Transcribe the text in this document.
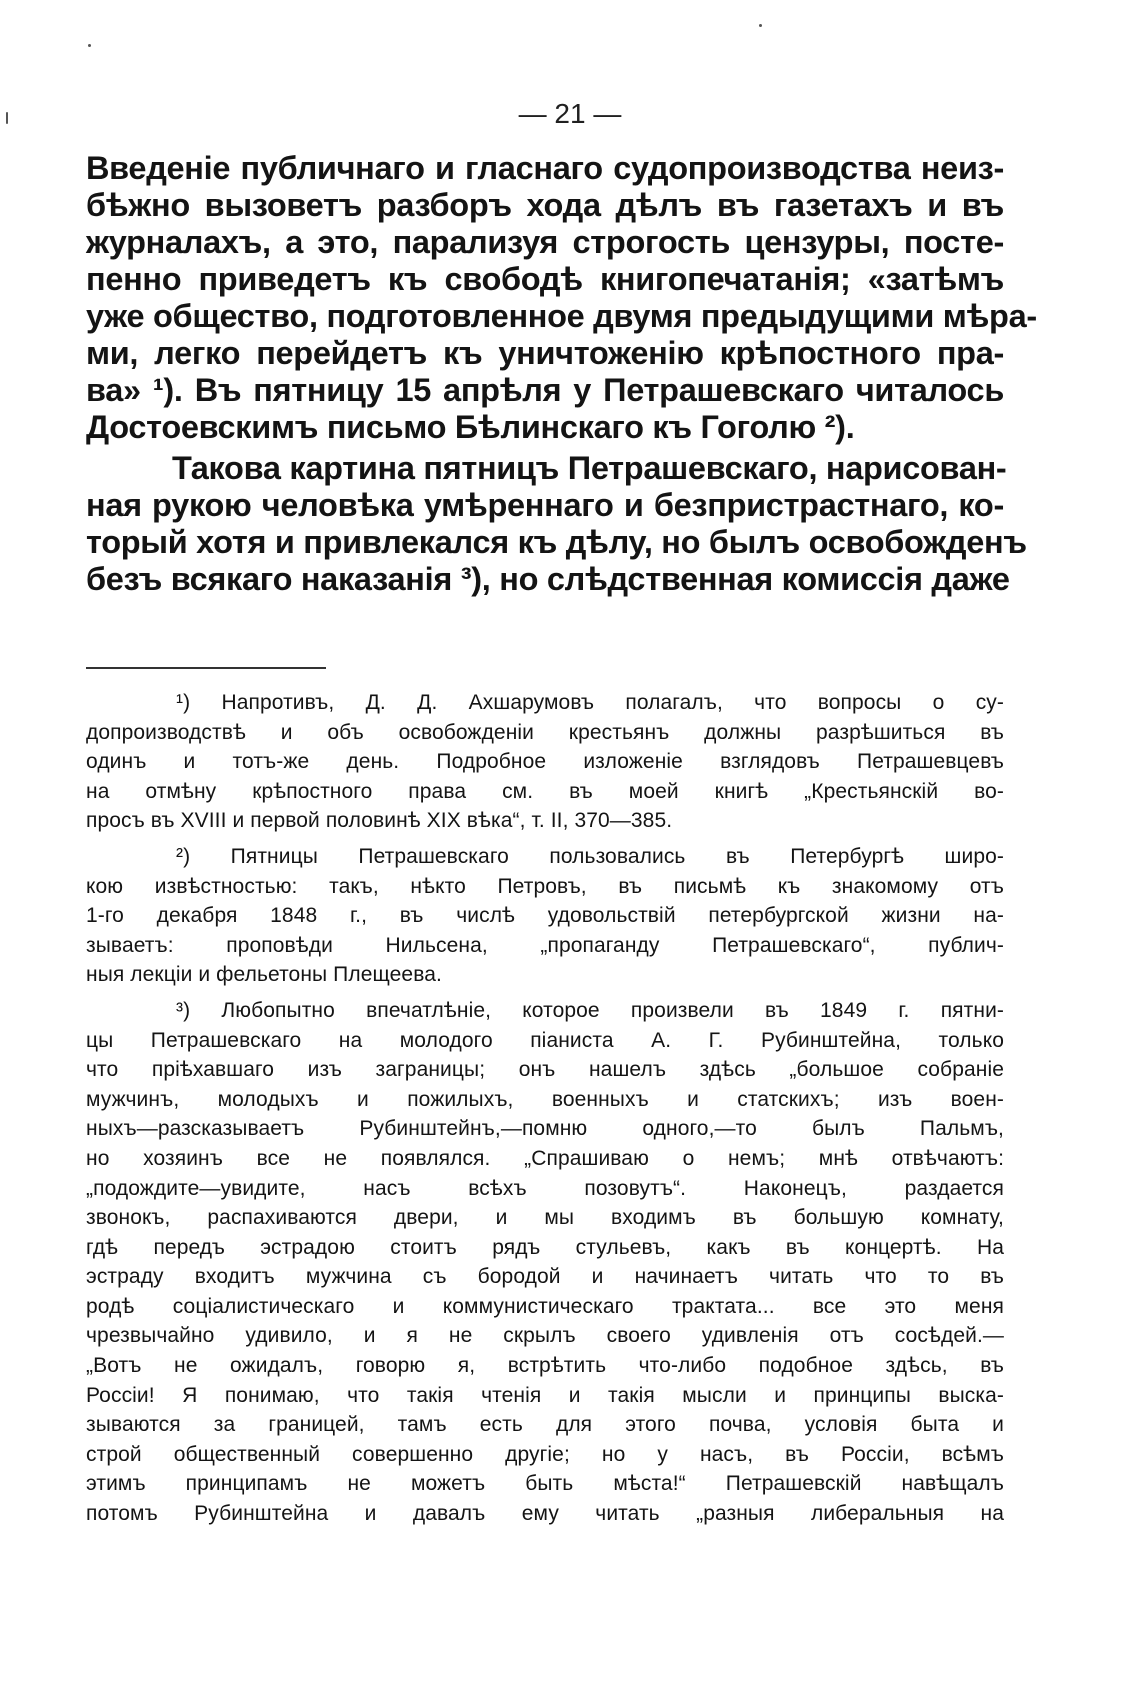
— 21 —
Введеніе публичнаго и гласнаго судопроизводства неиз-
бѣжно вызоветъ разборъ хода дѣлъ въ газетахъ и въ
журналахъ, а это, парализуя строгость цензуры, посте-
пенно приведетъ къ свободѣ книгопечатанія; «затѣмъ
уже общество, подготовленное двумя предыдущими мѣра-
ми, легко перейдетъ къ уничтоженію крѣпостного пра-
ва» ¹). Въ пятницу 15 апрѣля у Петрашевскаго читалось
Достоевскимъ письмо Бѣлинскаго къ Гоголю ²).
Такова картина пятницъ Петрашевскаго, нарисован-
ная рукою человѣка умѣреннаго и безпристрастнаго, ко-
торый хотя и привлекался къ дѣлу, но былъ освобожденъ
безъ всякаго наказанія ³), но слѣдственная комиссія даже
¹) Напротивъ, Д. Д. Ахшарумовъ полагалъ, что вопросы о су-
допроизводствѣ и объ освобожденіи крестьянъ должны разрѣшиться въ
одинъ и тотъ-же день. Подробное изложеніе взглядовъ Петрашевцевъ
на отмѣну крѣпостного права см. въ моей книгѣ „Крестьянскій во-
просъ въ XVIII и первой половинѣ XIX вѣка“, т. II, 370—385.
²) Пятницы Петрашевскаго пользовались въ Петербургѣ широ-
кою извѣстностью: такъ, нѣкто Петровъ, въ письмѣ къ знакомому отъ
1-го декабря 1848 г., въ числѣ удовольствій петербургской жизни на-
зываетъ: проповѣди Нильсена, „пропаганду Петрашевскаго“, публич-
ныя лекціи и фельетоны Плещеева.
³) Любопытно впечатлѣніе, которое произвели въ 1849 г. пятни-
цы Петрашевскаго на молодого піаниста А. Г. Рубинштейна, только
что пріѣхавшаго изъ заграницы; онъ нашелъ здѣсь „большое собраніе
мужчинъ, молодыхъ и пожилыхъ, военныхъ и статскихъ; изъ воен-
ныхъ—разсказываетъ Рубинштейнъ,—помню одного,—то былъ Пальмъ,
но хозяинъ все не появлялся. „Спрашиваю о немъ; мнѣ отвѣчаютъ:
„подождите—увидите, насъ всѣхъ позовутъ“. Наконецъ, раздается
звонокъ, распахиваются двери, и мы входимъ въ большую комнату,
гдѣ передъ эстрадою стоитъ рядъ стульевъ, какъ въ концертѣ. На
эстраду входитъ мужчина съ бородой и начинаетъ читать что то въ
родѣ соціалистическаго и коммунистическаго трактата... все это меня
чрезвычайно удивило, и я не скрылъ своего удивленія отъ сосѣдей.—
„Вотъ не ожидалъ, говорю я, встрѣтить что-либо подобное здѣсь, въ
Россіи! Я понимаю, что такія чтенія и такія мысли и принципы выска-
зываются за границей, тамъ есть для этого почва, условія быта и
строй общественный совершенно другіе; но у насъ, въ Россіи, всѣмъ
этимъ принципамъ не можетъ быть мѣста!“ Петрашевскій навѣщалъ
потомъ Рубинштейна и давалъ ему читать „разныя либеральныя на
